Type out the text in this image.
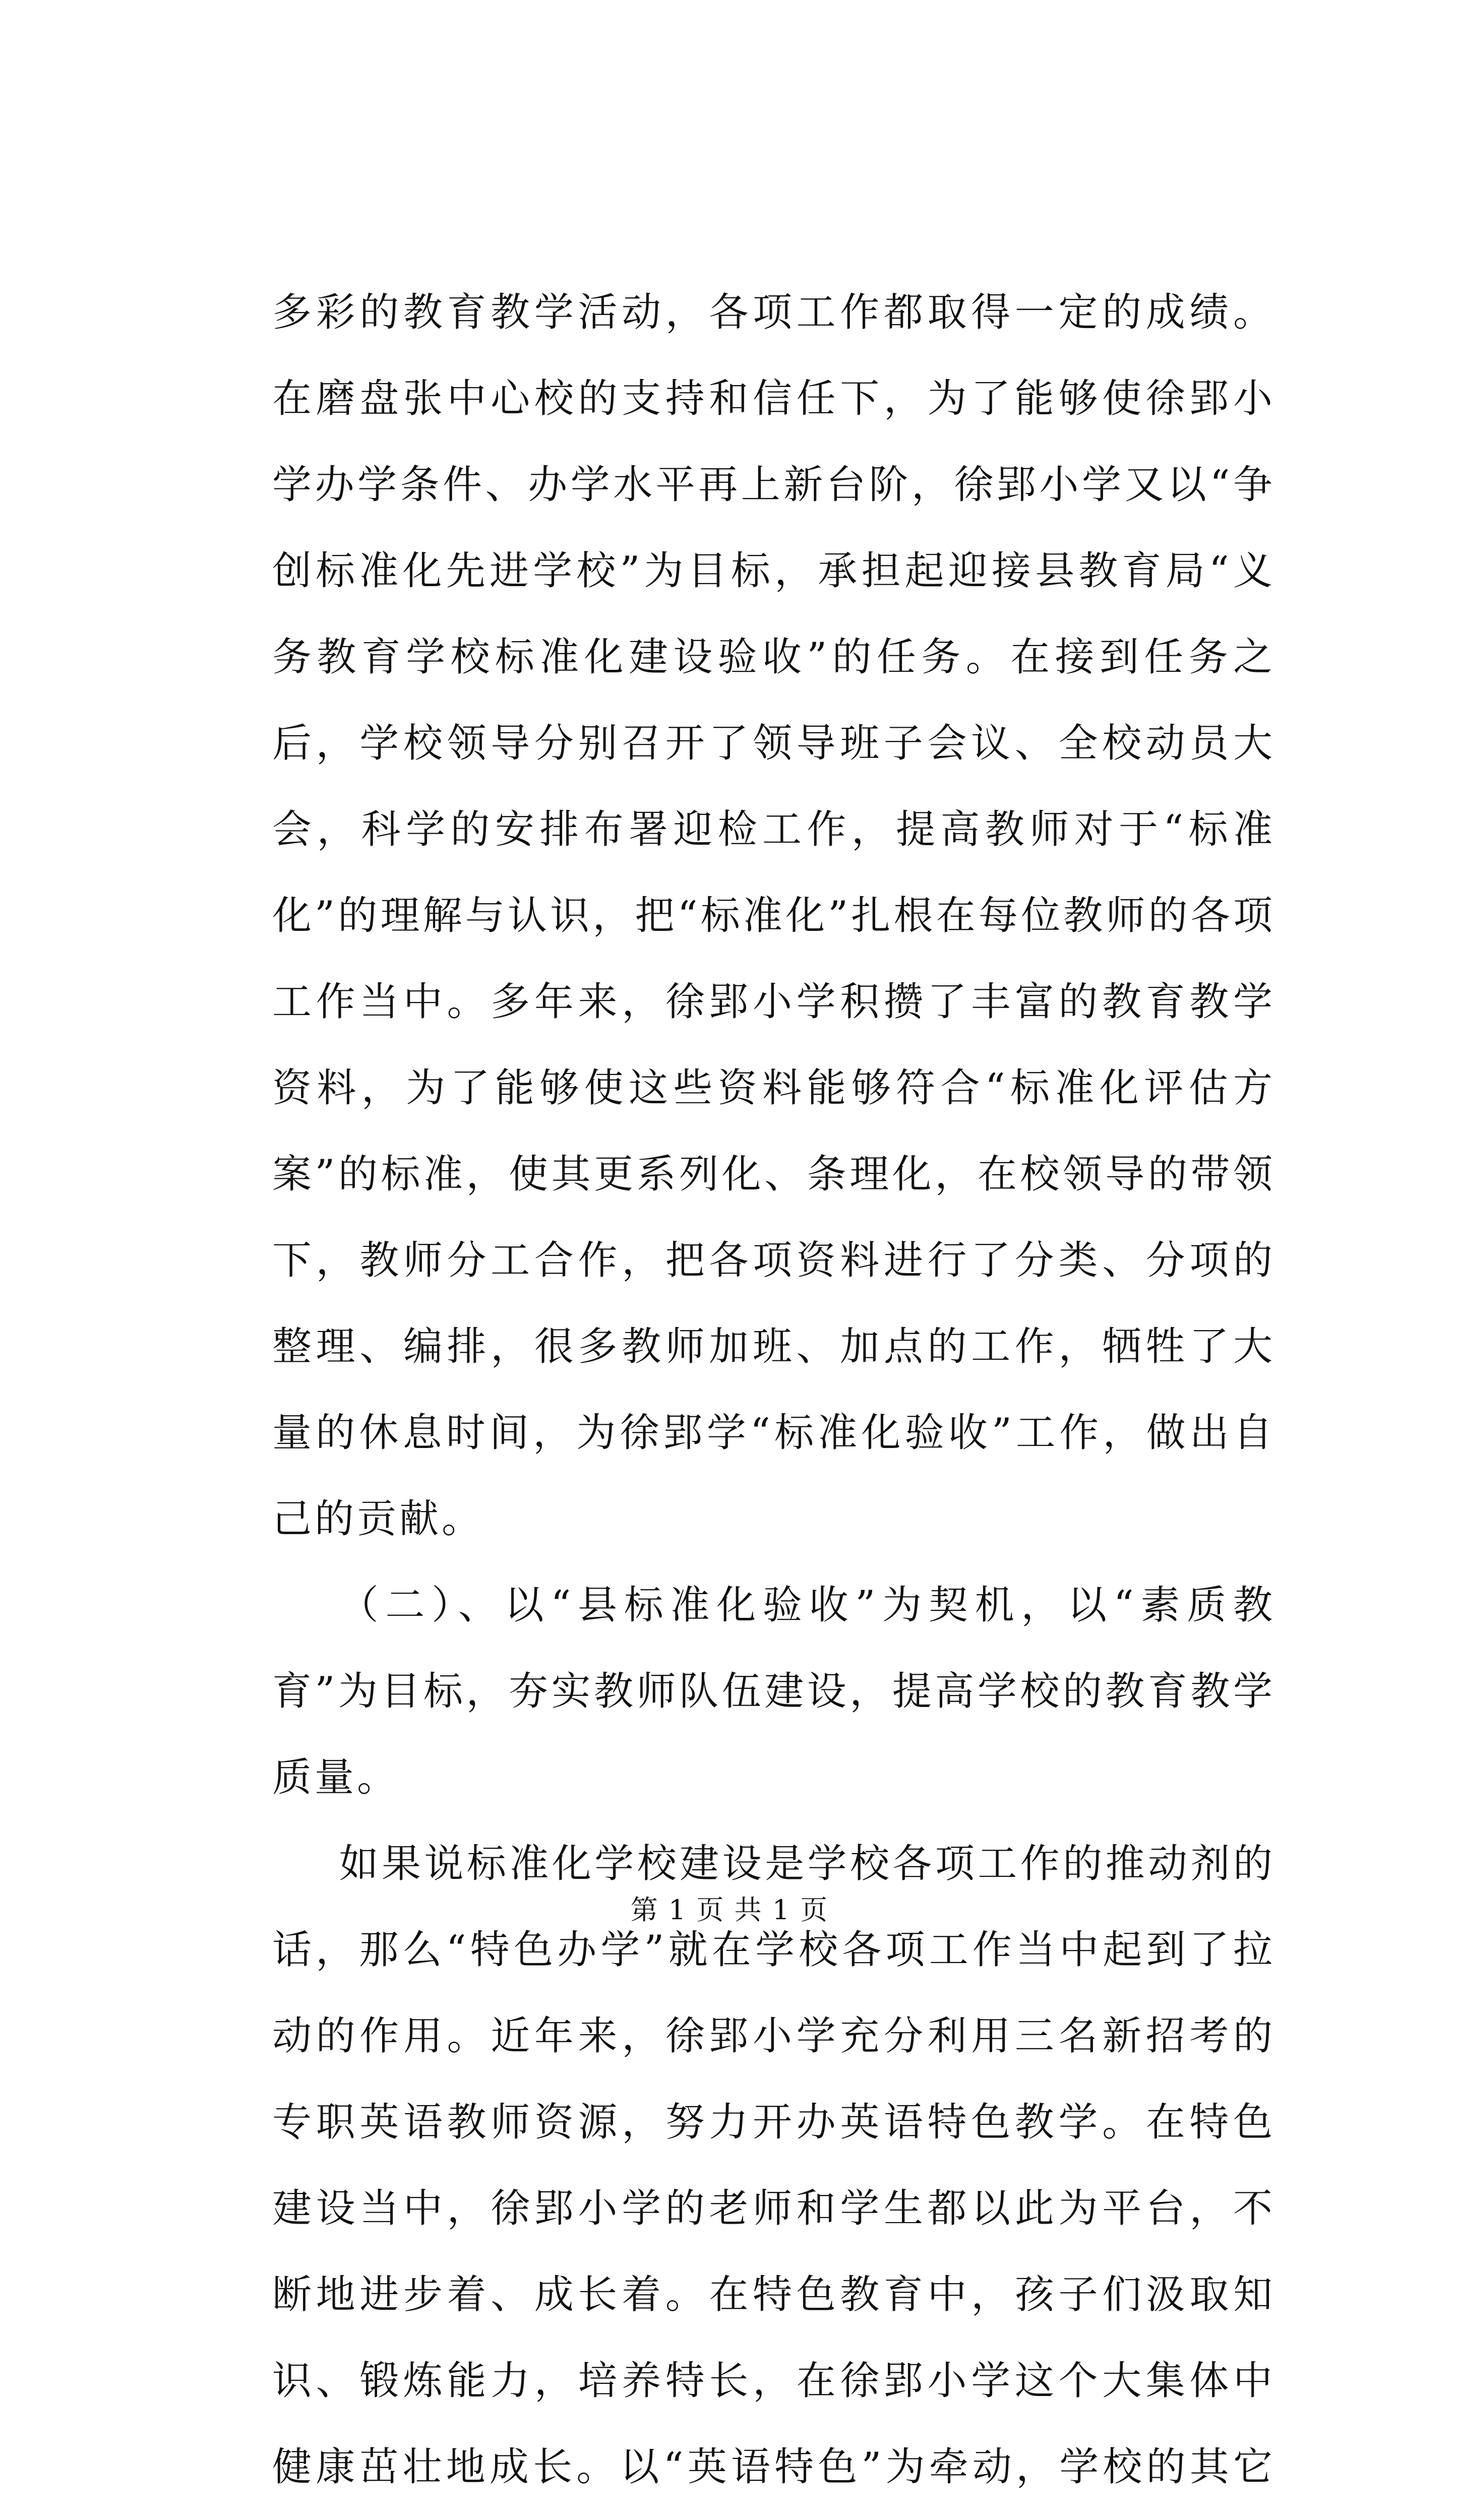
多彩的教育教学活动，各项工作都取得一定的成绩。在磨盘张中心校的支持和信任下，为了能够使徐郢小学办学条件、办学水平再上新台阶，徐郢小学又以“争创标准化先进学校”为目标，承担起迎接县教育局“义务教育学校标准化建设验收”的任务。在接到任务之后，学校领导分别召开了领导班子会议、全校动员大会，科学的安排布署迎检工作，提高教师对于“标准化”的理解与认识，把“标准化”扎根在每位教师的各项工作当中。多年来，徐郢小学积攒了丰富的教育教学资料，为了能够使这些资料能够符合“标准化评估方案”的标准，使其更系列化、条理化，在校领导的带领下，教师分工合作，把各项资料进行了分类、分项的整理、编排，很多教师加班、加点的工作，牺牲了大量的休息时间，为徐郢学“标准化验收”工作，做出自己的贡献。

（二）、以“县标准化验收”为契机，以“素质教育”为目标，夯实教师队伍建设，提高学校的教育教学质量。

如果说标准化学校建设是学校各项工作的推动剂的话，那么“特色办学”就在学校各项工作当中起到了拉动的作用。近年来，徐郢小学充分利用三名新招考的专职英语教师资源，努力开办英语特色教学。在特色建设当中，徐郢小学的老师和学生都以此为平台，不断地进步着、成长着。在特色教育中，孩子们汲取知识、锻炼能力，培养特长，在徐郢小学这个大集体中健康茁壮地成长。以“英语特色”为牵动，学校的其它

第 1 页 共 1 页
